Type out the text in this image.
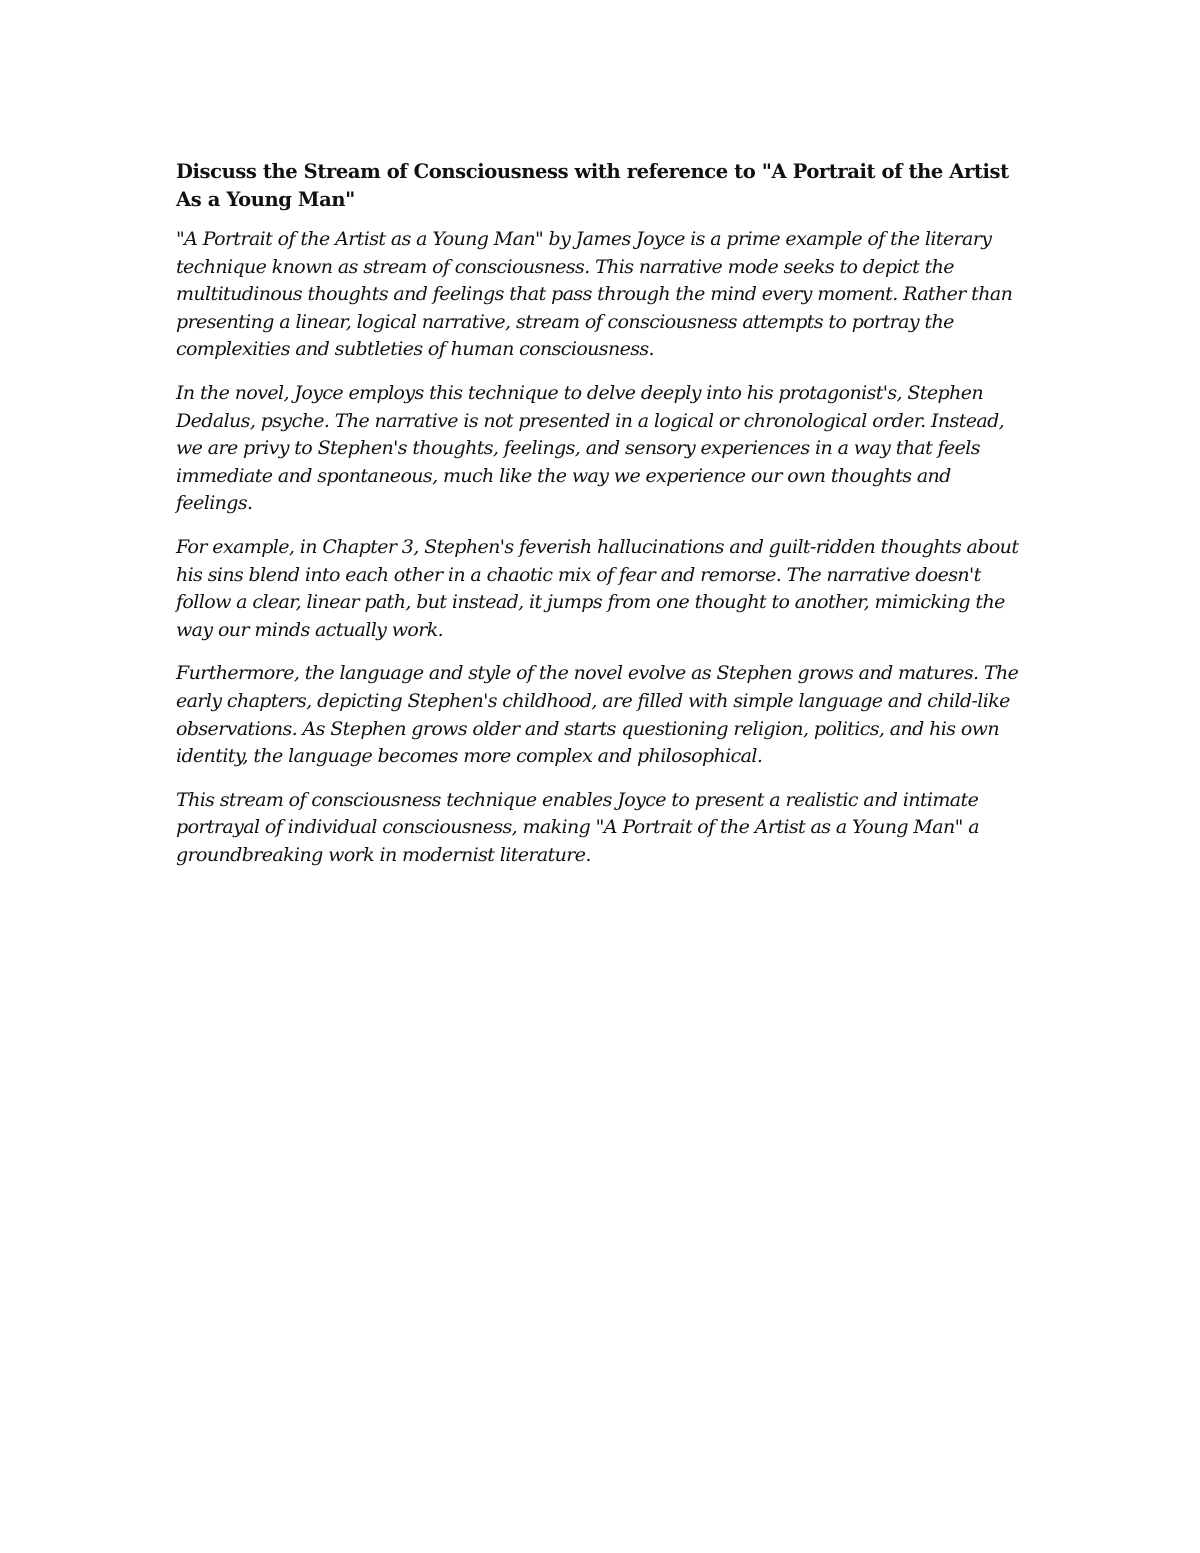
Discuss the Stream of Consciousness with reference to "A Portrait of the Artist As a Young Man"

"A Portrait of the Artist as a Young Man" by James Joyce is a prime example of the literary technique known as stream of consciousness. This narrative mode seeks to depict the multitudinous thoughts and feelings that pass through the mind every moment. Rather than presenting a linear, logical narrative, stream of consciousness attempts to portray the complexities and subtleties of human consciousness.

In the novel, Joyce employs this technique to delve deeply into his protagonist's, Stephen Dedalus, psyche. The narrative is not presented in a logical or chronological order. Instead, we are privy to Stephen's thoughts, feelings, and sensory experiences in a way that feels immediate and spontaneous, much like the way we experience our own thoughts and feelings.

For example, in Chapter 3, Stephen's feverish hallucinations and guilt-ridden thoughts about his sins blend into each other in a chaotic mix of fear and remorse. The narrative doesn't follow a clear, linear path, but instead, it jumps from one thought to another, mimicking the way our minds actually work.

Furthermore, the language and style of the novel evolve as Stephen grows and matures. The early chapters, depicting Stephen's childhood, are filled with simple language and child-like observations. As Stephen grows older and starts questioning religion, politics, and his own identity, the language becomes more complex and philosophical.

This stream of consciousness technique enables Joyce to present a realistic and intimate portrayal of individual consciousness, making "A Portrait of the Artist as a Young Man" a groundbreaking work in modernist literature.
